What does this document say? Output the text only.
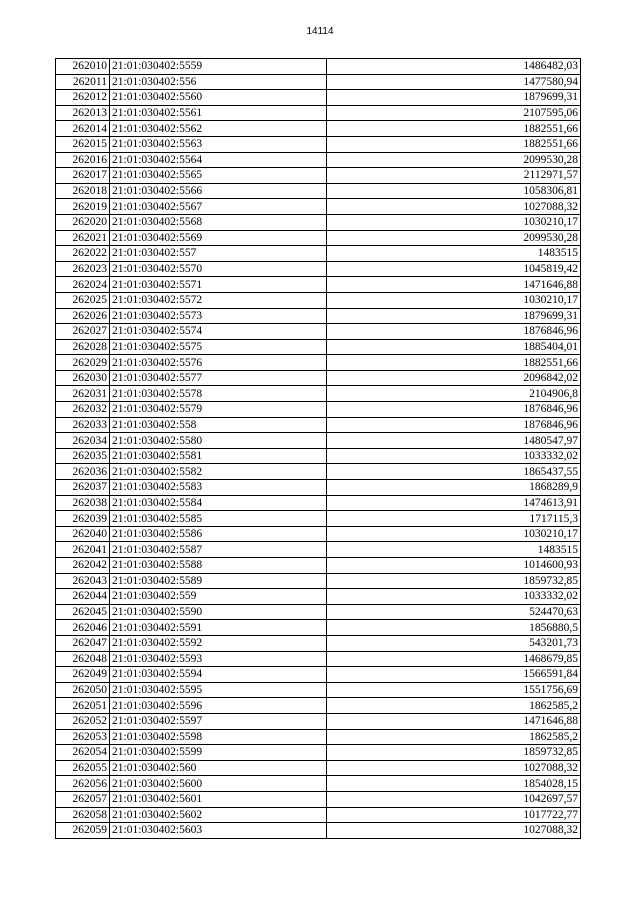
14114
262010	21:01:030402:5559	1486482,03
262011	21:01:030402:556	1477580,94
262012	21:01:030402:5560	1879699,31
262013	21:01:030402:5561	2107595,06
262014	21:01:030402:5562	1882551,66
262015	21:01:030402:5563	1882551,66
262016	21:01:030402:5564	2099530,28
262017	21:01:030402:5565	2112971,57
262018	21:01:030402:5566	1058306,81
262019	21:01:030402:5567	1027088,32
262020	21:01:030402:5568	1030210,17
262021	21:01:030402:5569	2099530,28
262022	21:01:030402:557	1483515
262023	21:01:030402:5570	1045819,42
262024	21:01:030402:5571	1471646,88
262025	21:01:030402:5572	1030210,17
262026	21:01:030402:5573	1879699,31
262027	21:01:030402:5574	1876846,96
262028	21:01:030402:5575	1885404,01
262029	21:01:030402:5576	1882551,66
262030	21:01:030402:5577	2096842,02
262031	21:01:030402:5578	2104906,8
262032	21:01:030402:5579	1876846,96
262033	21:01:030402:558	1876846,96
262034	21:01:030402:5580	1480547,97
262035	21:01:030402:5581	1033332,02
262036	21:01:030402:5582	1865437,55
262037	21:01:030402:5583	1868289,9
262038	21:01:030402:5584	1474613,91
262039	21:01:030402:5585	1717115,3
262040	21:01:030402:5586	1030210,17
262041	21:01:030402:5587	1483515
262042	21:01:030402:5588	1014600,93
262043	21:01:030402:5589	1859732,85
262044	21:01:030402:559	1033332,02
262045	21:01:030402:5590	524470,63
262046	21:01:030402:5591	1856880,5
262047	21:01:030402:5592	543201,73
262048	21:01:030402:5593	1468679,85
262049	21:01:030402:5594	1566591,84
262050	21:01:030402:5595	1551756,69
262051	21:01:030402:5596	1862585,2
262052	21:01:030402:5597	1471646,88
262053	21:01:030402:5598	1862585,2
262054	21:01:030402:5599	1859732,85
262055	21:01:030402:560	1027088,32
262056	21:01:030402:5600	1854028,15
262057	21:01:030402:5601	1042697,57
262058	21:01:030402:5602	1017722,77
262059	21:01:030402:5603	1027088,32
